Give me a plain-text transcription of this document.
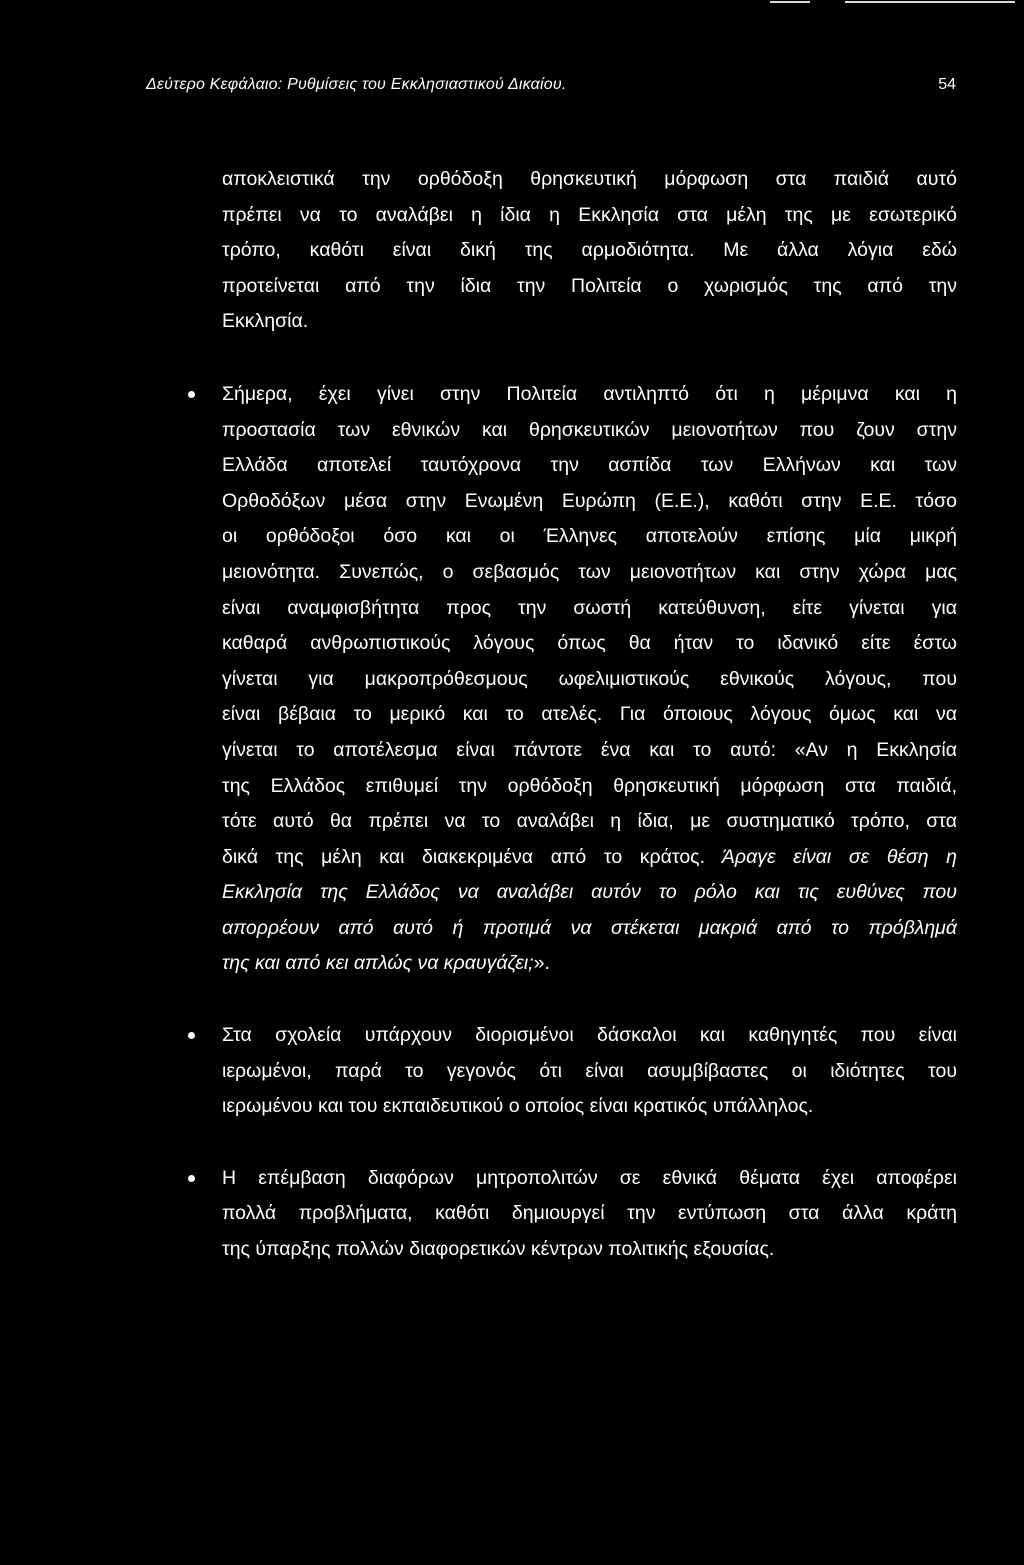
Δεύτερο Κεφάλαιο: Ρυθμίσεις του Εκκλησιαστικού Δικαίου.	54

αποκλειστικά την ορθόδοξη θρησκευτική μόρφωση στα παιδιά αυτό
πρέπει να το αναλάβει η ίδια η Εκκλησία στα μέλη της με εσωτερικό
τρόπο, καθότι είναι δική της αρμοδιότητα. Με άλλα λόγια εδώ
προτείνεται από την ίδια την Πολιτεία ο χωρισμός της από την
Εκκλησία.

Σήμερα, έχει γίνει στην Πολιτεία αντιληπτό ότι η μέριμνα και η
προστασία των εθνικών και θρησκευτικών μειονοτήτων που ζουν στην
Ελλάδα αποτελεί ταυτόχρονα την ασπίδα των Ελλήνων και των
Ορθοδόξων μέσα στην Ενωμένη Ευρώπη (Ε.Ε.), καθότι στην Ε.Ε. τόσο
οι ορθόδοξοι όσο και οι Έλληνες αποτελούν επίσης μία μικρή
μειονότητα. Συνεπώς, ο σεβασμός των μειονοτήτων και στην χώρα μας
είναι αναμφισβήτητα προς την σωστή κατεύθυνση, είτε γίνεται για
καθαρά ανθρωπιστικούς λόγους όπως θα ήταν το ιδανικό είτε έστω
γίνεται για μακροπρόθεσμους ωφελιμιστικούς εθνικούς λόγους, που
είναι βέβαια το μερικό και το ατελές. Για όποιους λόγους όμως και να
γίνεται το αποτέλεσμα είναι πάντοτε ένα και το αυτό: «Αν η Εκκλησία
της Ελλάδος επιθυμεί την ορθόδοξη θρησκευτική μόρφωση στα παιδιά,
τότε αυτό θα πρέπει να το αναλάβει η ίδια, με συστηματικό τρόπο, στα
δικά της μέλη και διακεκριμένα από το κράτος. Άραγε είναι σε θέση η
Εκκλησία της Ελλάδος να αναλάβει αυτόν το ρόλο και τις ευθύνες που
απορρέουν από αυτό ή προτιμά να στέκεται μακριά από το πρόβλημά
της και από κει απλώς να κραυγάζει;».

Στα σχολεία υπάρχουν διορισμένοι δάσκαλοι και καθηγητές που είναι
ιερωμένοι, παρά το γεγονός ότι είναι ασυμβίβαστες οι ιδιότητες του
ιερωμένου και του εκπαιδευτικού ο οποίος είναι κρατικός υπάλληλος.

Η επέμβαση διαφόρων μητροπολιτών σε εθνικά θέματα έχει αποφέρει
πολλά προβλήματα, καθότι δημιουργεί την εντύπωση στα άλλα κράτη
της ύπαρξης πολλών διαφορετικών κέντρων πολιτικής εξουσίας.
